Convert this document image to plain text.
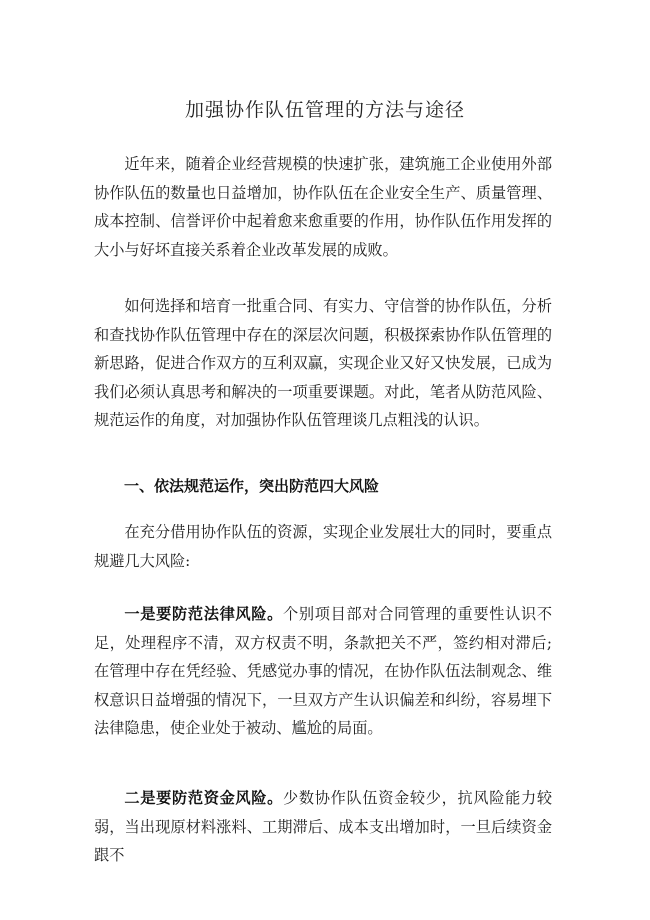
加强协作队伍管理的方法与途径

近年来，随着企业经营规模的快速扩张，建筑施工企业使用外部协作队伍的数量也日益增加，协作队伍在企业安全生产、质量管理、成本控制、信誉评价中起着愈来愈重要的作用，协作队伍作用发挥的大小与好坏直接关系着企业改革发展的成败。

如何选择和培育一批重合同、有实力、守信誉的协作队伍，分析和查找协作队伍管理中存在的深层次问题，积极探索协作队伍管理的新思路，促进合作双方的互利双赢，实现企业又好又快发展，已成为我们必须认真思考和解决的一项重要课题。对此，笔者从防范风险、规范运作的角度，对加强协作队伍管理谈几点粗浅的认识。

一、依法规范运作，突出防范四大风险

在充分借用协作队伍的资源，实现企业发展壮大的同时，要重点规避几大风险:

一是要防范法律风险。个别项目部对合同管理的重要性认识不足，处理程序不清，双方权责不明，条款把关不严，签约相对滞后; 在管理中存在凭经验、凭感觉办事的情况，在协作队伍法制观念、维权意识日益增强的情况下，一旦双方产生认识偏差和纠纷，容易埋下法律隐患，使企业处于被动、尴尬的局面。

二是要防范资金风险。少数协作队伍资金较少，抗风险能力较弱，当出现原材料涨料、工期滞后、成本支出增加时，一旦后续资金跟不
